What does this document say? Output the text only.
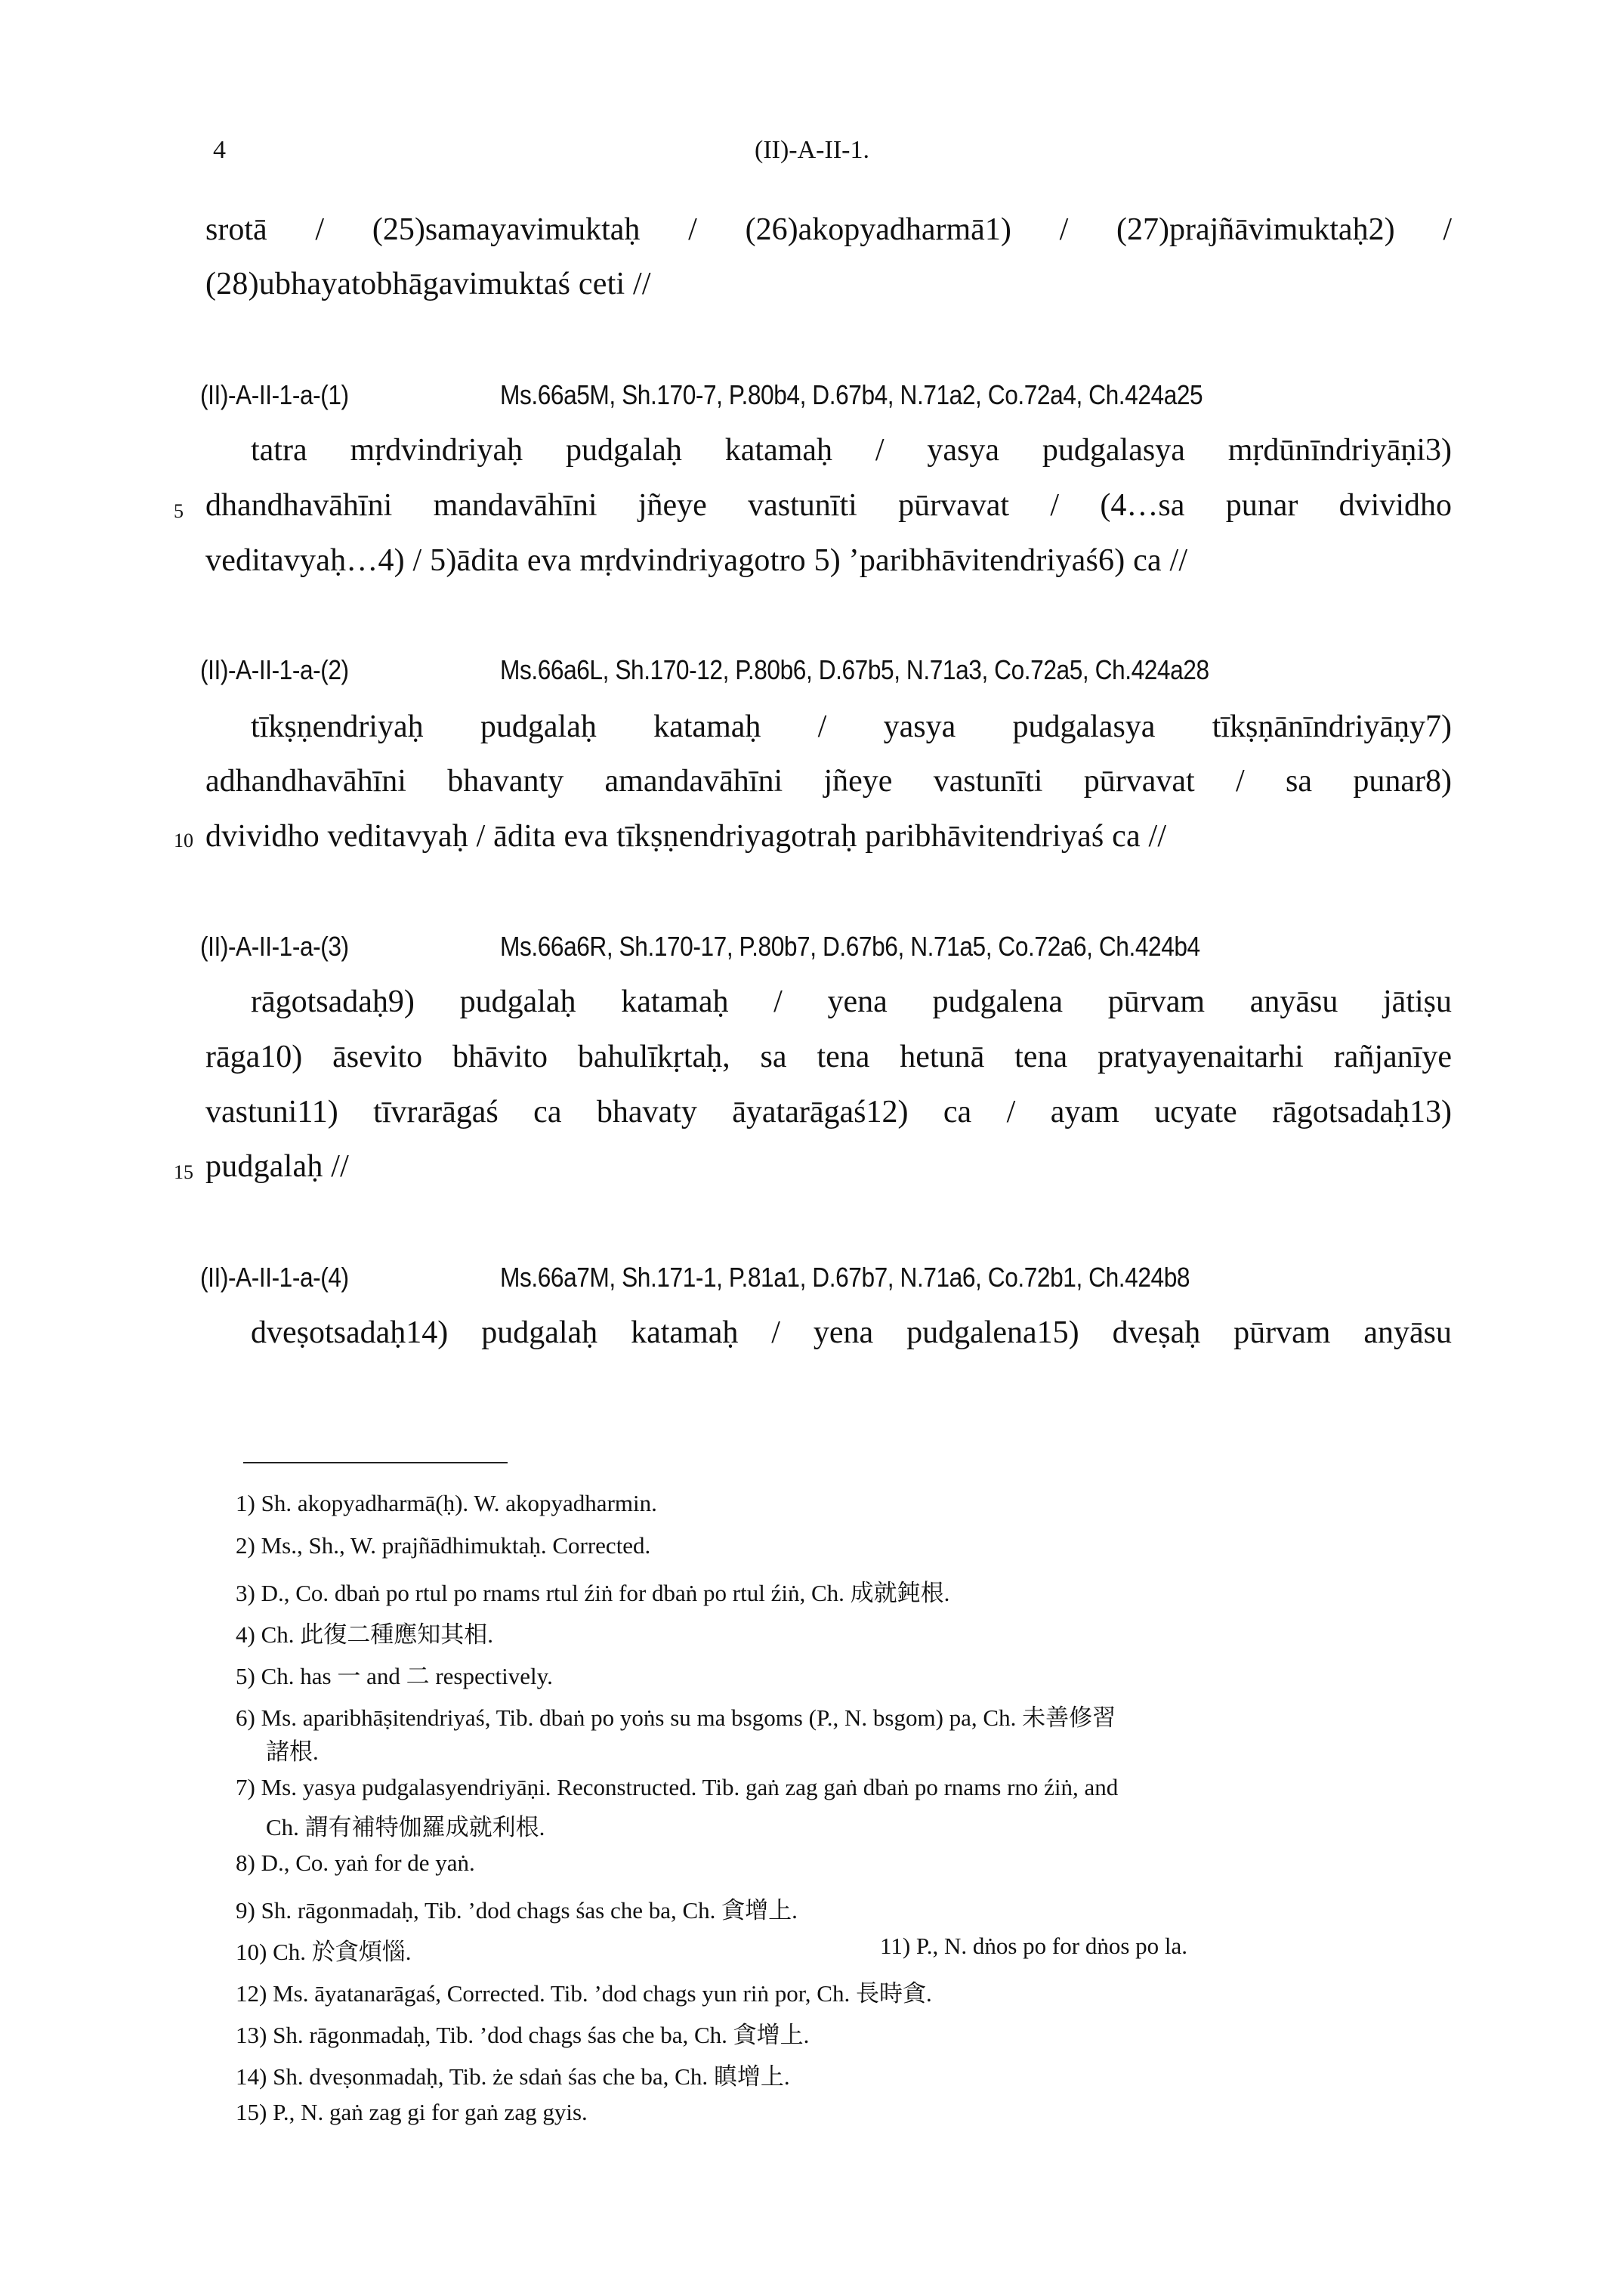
4	(II)-A-II-1.
srotā / (25)samayavimuktaḥ / (26)akopyadharmā1) / (27)prajñāvimuktaḥ2) /
(28)ubhayatobhāgavimuktaś ceti //
(II)-A-II-1-a-(1)	Ms.66a5M, Sh.170-7, P.80b4, D.67b4, N.71a2, Co.72a4, Ch.424a25
tatra mṛdvindriyaḥ pudgalaḥ katamaḥ / yasya pudgalasya mṛdūnīndriyāṇi3)
5 dhandhavāhīni mandavāhīni jñeye vastunīti pūrvavat / (4…sa punar dvividho
veditavyaḥ…4) / 5)ādita eva mṛdvindriyagotro 5) ’paribhāvitendriyaś6) ca //
(II)-A-II-1-a-(2)	Ms.66a6L, Sh.170-12, P.80b6, D.67b5, N.71a3, Co.72a5, Ch.424a28
tīkṣṇendriyaḥ pudgalaḥ katamaḥ / yasya pudgalasya tīkṣṇānīndriyāṇy7)
adhandhavāhīni bhavanty amandavāhīni jñeye vastunīti pūrvavat / sa punar8)
10 dvividho veditavyaḥ / ādita eva tīkṣṇendriyagotraḥ paribhāvitendriyaś ca //
(II)-A-II-1-a-(3)	Ms.66a6R, Sh.170-17, P.80b7, D.67b6, N.71a5, Co.72a6, Ch.424b4
rāgotsadaḥ9) pudgalaḥ katamaḥ / yena pudgalena pūrvam anyāsu jātiṣu
rāga10) āsevito bhāvito bahulīkṛtaḥ, sa tena hetunā tena pratyayenaitarhi rañjanīye
vastuni11) tīvrarāgaś ca bhavaty āyatarāgaś12) ca / ayam ucyate rāgotsadaḥ13)
15 pudgalaḥ //
(II)-A-II-1-a-(4)	Ms.66a7M, Sh.171-1, P.81a1, D.67b7, N.71a6, Co.72b1, Ch.424b8
dveṣotsadaḥ14) pudgalaḥ katamaḥ / yena pudgalena15) dveṣaḥ pūrvam anyāsu
1) Sh. akopyadharmā(ḥ). W. akopyadharmin.
2) Ms., Sh., W. prajñādhimuktaḥ. Corrected.
3) D., Co. dbaṅ po rtul po rnams rtul źiṅ for dbaṅ po rtul źiṅ, Ch. 成就鈍根.
4) Ch. 此復二種應知其相.
5) Ch. has 一 and 二 respectively.
6) Ms. aparibhāṣitendriyaś, Tib. dbaṅ po yoṅs su ma bsgoms (P., N. bsgom) pa, Ch. 未善修習
諸根.
7) Ms. yasya pudgalasyendriyāṇi. Reconstructed. Tib. gaṅ zag gaṅ dbaṅ po rnams rno źiṅ, and
Ch. 謂有補特伽羅成就利根.
8) D., Co. yaṅ for de yaṅ.
9) Sh. rāgonmadaḥ, Tib. ’dod chags śas che ba, Ch. 貪增上.
10) Ch. 於貪煩惱.	11) P., N. dṅos po for dṅos po la.
12) Ms. āyatanarāgaś, Corrected. Tib. ’dod chags yun riṅ por, Ch. 長時貪.
13) Sh. rāgonmadaḥ, Tib. ’dod chags śas che ba, Ch. 貪增上.
14) Sh. dveṣonmadaḥ, Tib. że sdaṅ śas che ba, Ch. 瞋增上.
15) P., N. gaṅ zag gi for gaṅ zag gyis.
